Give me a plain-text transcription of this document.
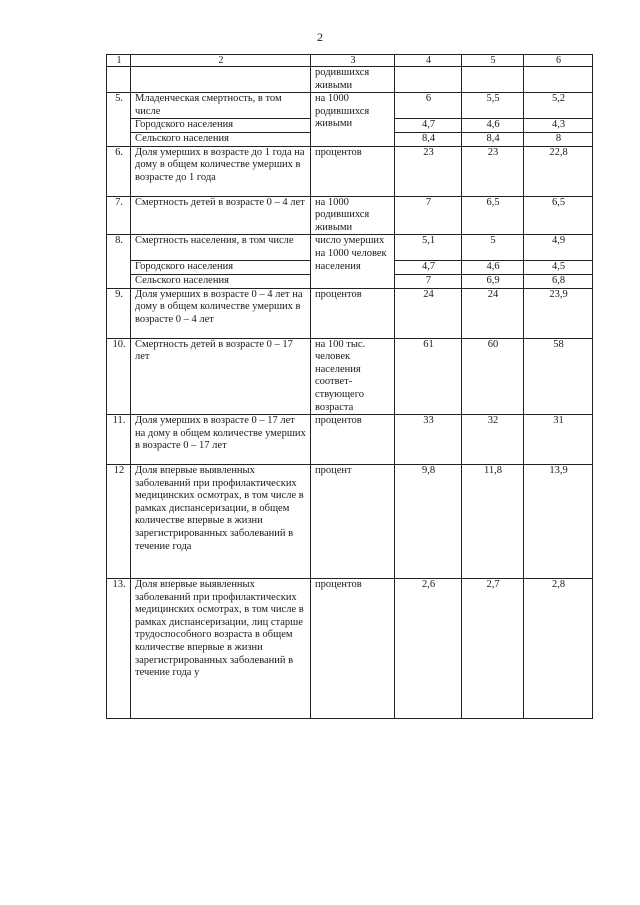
2
1	2	3	4	5	6
		родившихся живыми			
5.	Младенческая смертность, в том числе	на 1000 родившихся живыми	6	5,5	5,2
	Городского населения		4,7	4,6	4,3
	Сельского населения		8,4	8,4	8
6.	Доля умерших в возрасте до 1 года на дому в общем количестве умерших в возрасте до 1 года	процентов	23	23	22,8
7.	Смертность детей в возрасте 0 – 4 лет	на 1000 родившихся живыми	7	6,5	6,5
8.	Смертность населения, в том числе	число умерших на 1000 человек населения	5,1	5	4,9
	Городского населения		4,7	4,6	4,5
	Сельского населения		7	6,9	6,8
9.	Доля умерших в возрасте 0 – 4 лет на дому в общем количестве умерших в возрасте 0 – 4 лет	процентов	24	24	23,9
10.	Смертность детей в возрасте 0 – 17 лет	на 100 тыс. человек населения соответ-ствующего возраста	61	60	58
11.	Доля умерших в возрасте 0 – 17 лет на дому в общем количестве умерших в возрасте 0 – 17 лет	процентов	33	32	31
12	Доля впервые выявленных заболеваний при профилактических медицинских осмотрах, в том числе в рамках диспансеризации, в общем количестве впервые в жизни зарегистрированных заболеваний в течение года	процент	9,8	11,8	13,9
13.	Доля впервые выявленных заболеваний при профилактических медицинских осмотрах, в том числе в рамках диспансеризации, лиц старше трудоспособного возраста в общем количестве впервые в жизни зарегистрированных заболеваний в течение года у	процентов	2,6	2,7	2,8
